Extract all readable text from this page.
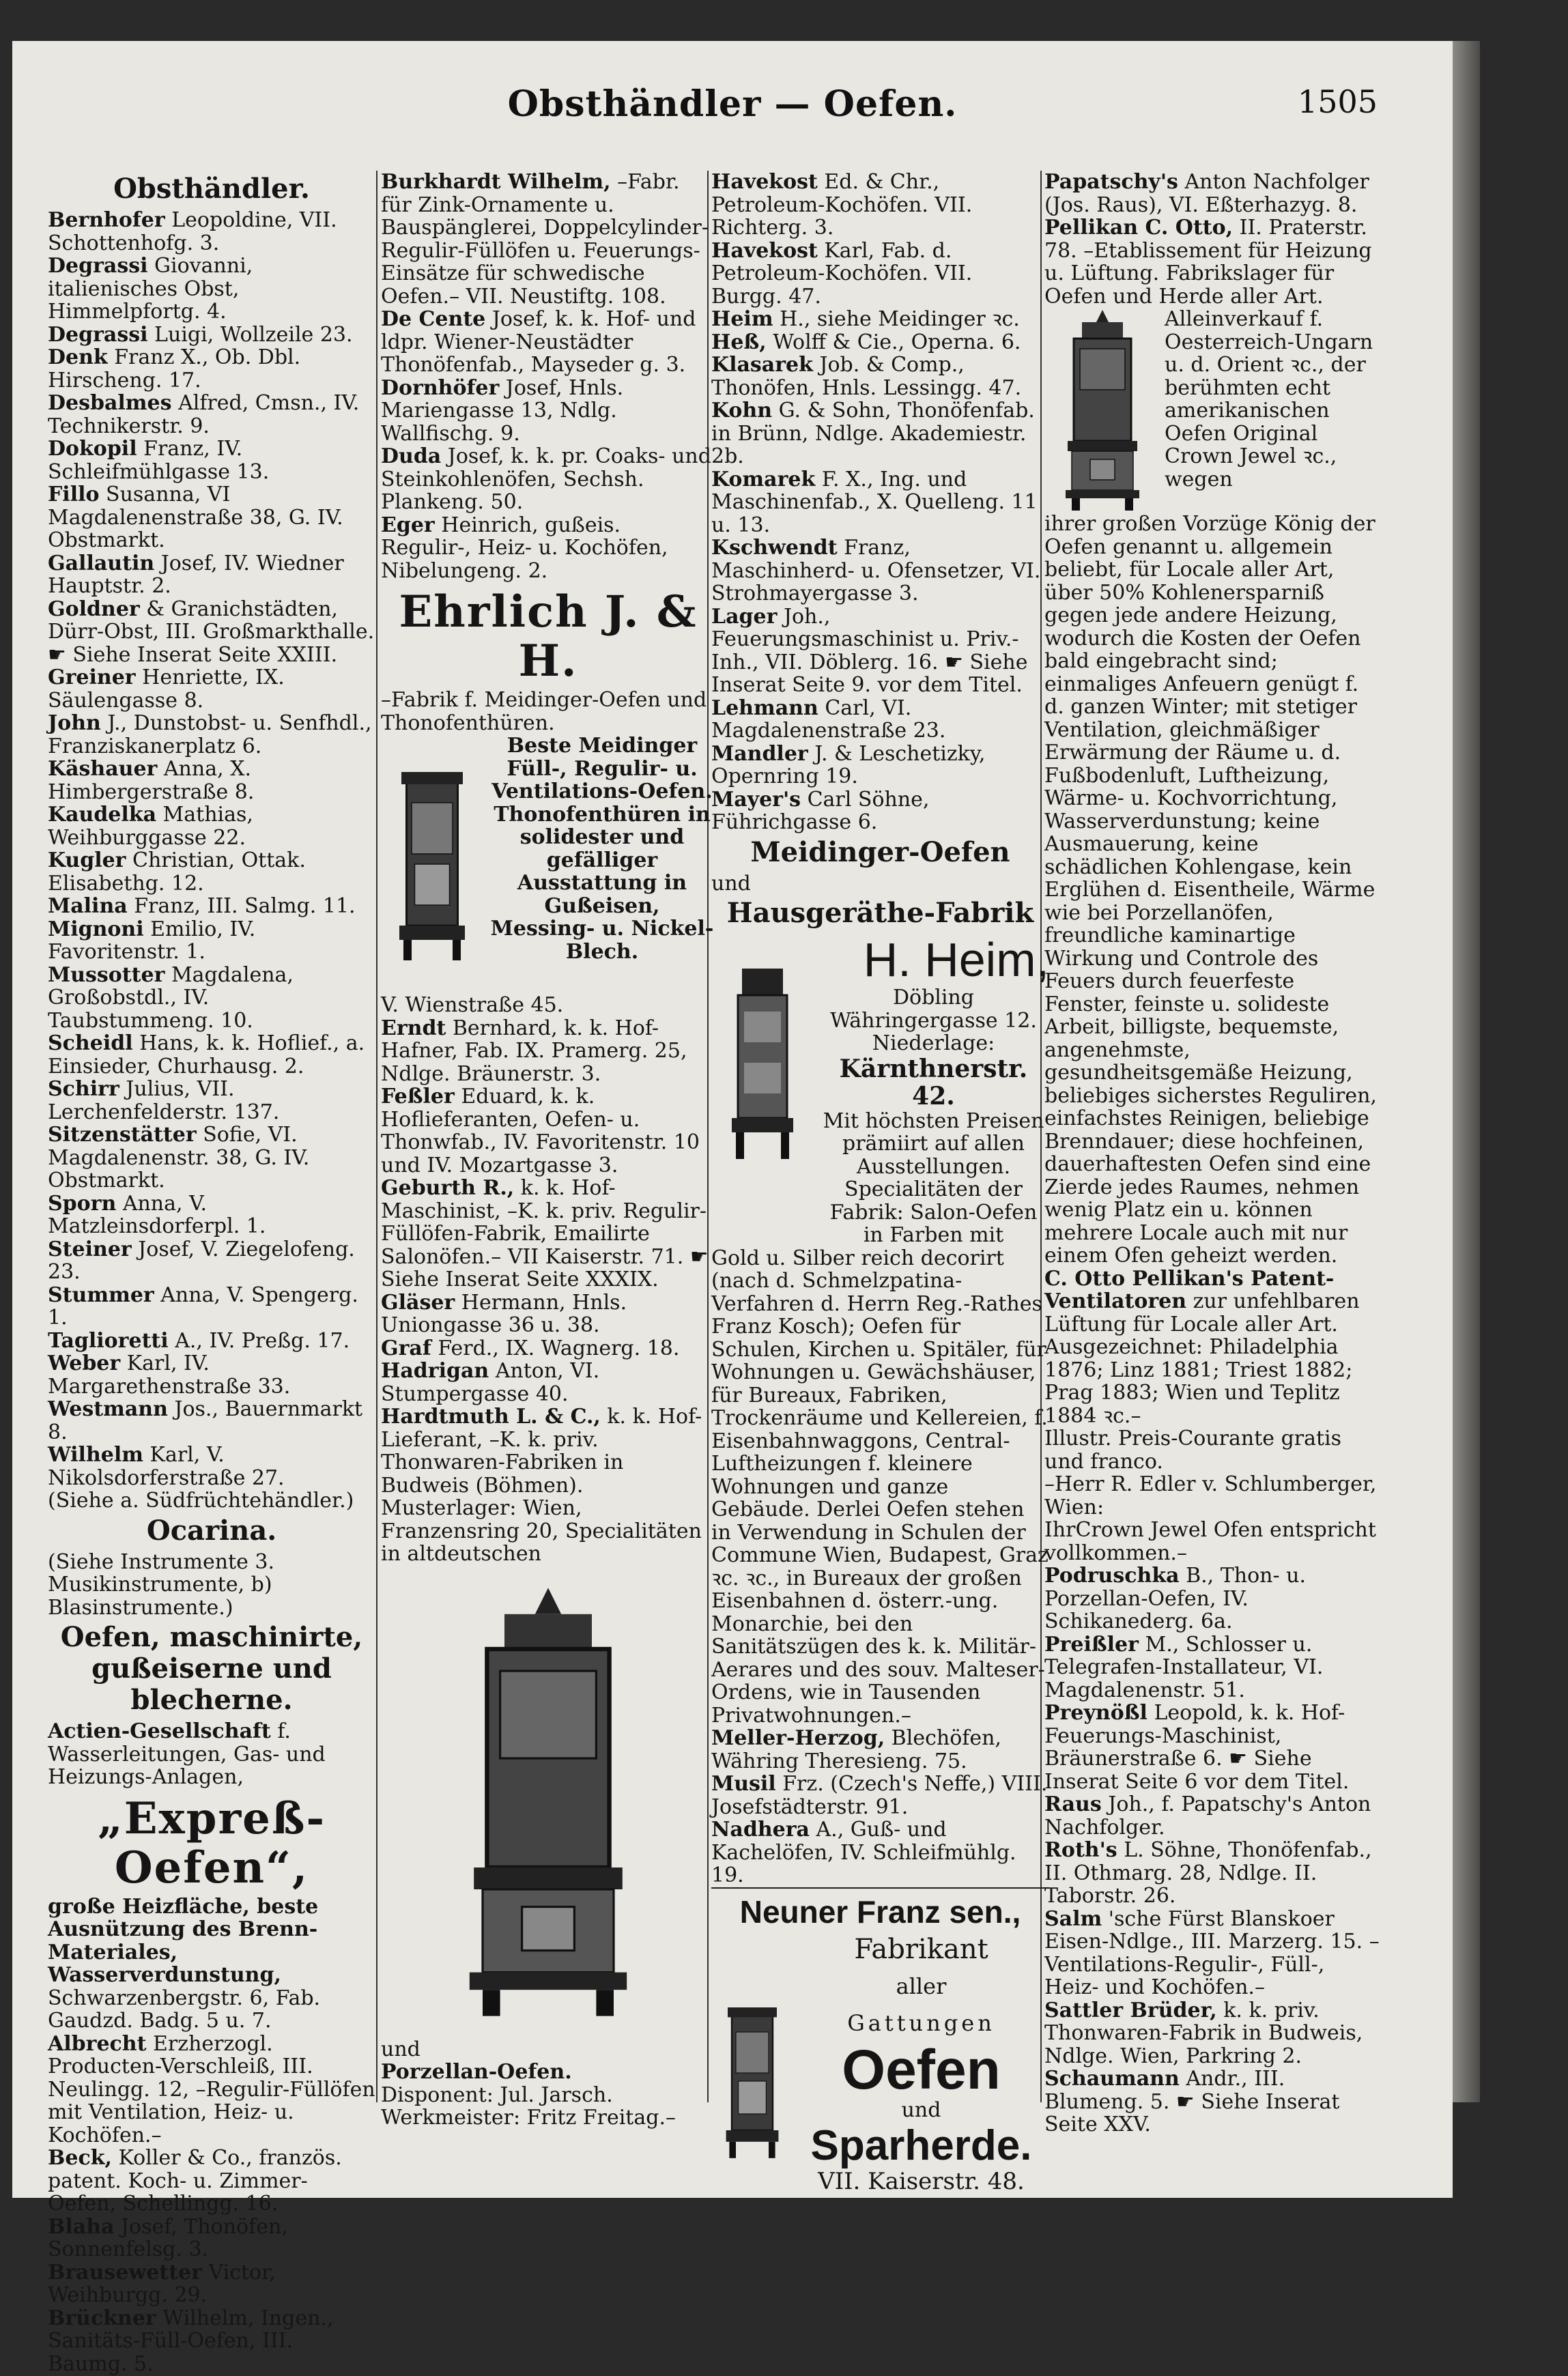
Obsthändler — Oefen.	1505
Obsthändler.
Bernhofer Leopoldine, VII. Schottenhofg. 3.
Degrassi Giovanni, italienisches Obst, Himmelpfortg. 4.
Degrassi Luigi, Wollzeile 23.
Denk Franz X., Ob. Dbl. Hirscheng. 17.
Desbalmes Alfred, Cmsn., IV. Technikerstr. 9.
Dokopil Franz, IV. Schleifmühlgasse 13.
Fillo Susanna, VI Magdalenenstraße 38, G. IV. Obstmarkt.
Gallautin Josef, IV. Wiedner Hauptstr. 2.
Goldner & Granichstädten, Dürr-Obst, III. Großmarkthalle. ☛ Siehe Inserat Seite XXIII.
Greiner Henriette, IX. Säulengasse 8.
John J., Dunstobst- u. Senfhdl., Franziskanerplatz 6.
Käshauer Anna, X. Himbergerstraße 8.
Kaudelka Mathias, Weihburggasse 22.
Kugler Christian, Ottak. Elisabethg. 12.
Malina Franz, III. Salmg. 11.
Mignoni Emilio, IV. Favoritenstr. 1.
Mussotter Magdalena, Großobstdl., IV. Taubstummeng. 10.
Scheidl Hans, k. k. Hoflief., a. Einsieder, Churhausg. 2.
Schirr Julius, VII. Lerchenfelderstr. 137.
Sitzenstätter Sofie, VI. Magdalenenstr. 38, G. IV. Obstmarkt.
Sporn Anna, V. Matzleinsdorferpl. 1.
Steiner Josef, V. Ziegelofeng. 23.
Stummer Anna, V. Spengerg. 1.
Taglioretti A., IV. Preßg. 17.
Weber Karl, IV. Margarethenstraße 33.
Westmann Jos., Bauernmarkt 8.
Wilhelm Karl, V. Nikolsdorferstraße 27.
(Siehe a. Südfrüchtehändler.)
Ocarina.
(Siehe Instrumente 3. Musikinstrumente, b) Blasinstrumente.)
Oefen, maschinirte, gußeiserne und blecherne.
Actien-Gesellschaft f. Wasserleitungen, Gas- und Heizungs-Anlagen,
„Expreß-Oefen“,
große Heizfläche, beste Ausnützung des Brenn-Materiales, Wasserverdunstung,
Schwarzenbergstr. 6, Fab. Gaudzd. Badg. 5 u. 7.
Albrecht Erzherzogl. Producten-Verschleiß, III. Neulingg. 12, –Regulir-Füllöfen mit Ventilation, Heiz- u. Kochöfen.–
Beck, Koller & Co., französ. patent. Koch- u. Zimmer-Oefen, Schellingg. 16.
Blaha Josef, Thonöfen, Sonnenfelsg. 3.
Brausewetter Victor, Weihburgg. 29.
Brückner Wilhelm, Ingen., Sanitäts-Füll-Oefen, III. Baumg. 5.
Burkhardt Wilhelm, –Fabr. für Zink-Ornamente u. Bauspänglerei, Doppelcylinder-Regulir-Füllöfen u. Feuerungs-Einsätze für schwedische Oefen.– VII. Neustiftg. 108.
De Cente Josef, k. k. Hof- und ldpr. Wiener-Neustädter Thonöfenfab., Mayseder g. 3.
Dornhöfer Josef, Hnls. Mariengasse 13, Ndlg. Wallfischg. 9.
Duda Josef, k. k. pr. Coaks- und Steinkohlenöfen, Sechsh. Plankeng. 50.
Eger Heinrich, gußeis. Regulir-, Heiz- u. Kochöfen, Nibelungeng. 2.
Ehrlich J. & H.
–Fabrik f. Meidinger-Oefen und Thonofenthüren.
Beste Meidinger Füll-, Regulir- u. Ventilations-Oefen.
Thonofenthüren in solidester und gefälliger Ausstattung in Gußeisen, Messing- u. Nickel-Blech.
V. Wienstraße 45.
Erndt Bernhard, k. k. Hof-Hafner, Fab. IX. Pramerg. 25, Ndlge. Bräunerstr. 3.
Feßler Eduard, k. k. Hoflieferanten, Oefen- u. Thonwfab., IV. Favoritenstr. 10 und IV. Mozartgasse 3.
Geburth R., k. k. Hof-Maschinist, –K. k. priv. Regulir-Füllöfen-Fabrik, Emailirte Salonöfen.– VII Kaiserstr. 71. ☛ Siehe Inserat Seite XXXIX.
Gläser Hermann, Hnls. Uniongasse 36 u. 38.
Graf Ferd., IX. Wagnerg. 18.
Hadrigan Anton, VI. Stumpergasse 40.
Hardtmuth L. & C., k. k. Hof-Lieferant, –K. k. priv. Thonwaren-Fabriken in Budweis (Böhmen). Musterlager: Wien, Franzensring 20, Specialitäten in altdeutschen
und
Porzellan-Oefen.
Disponent: Jul. Jarsch. Werkmeister: Fritz Freitag.–
Havekost Ed. & Chr., Petroleum-Kochöfen. VII. Richterg. 3.
Havekost Karl, Fab. d. Petroleum-Kochöfen. VII. Burgg. 47.
Heim H., siehe Meidinger ꝛc.
Heß, Wolff & Cie., Operna. 6.
Klasarek Job. & Comp., Thonöfen, Hnls. Lessingg. 47.
Kohn G. & Sohn, Thonöfenfab. in Brünn, Ndlge. Akademiestr. 2b.
Komarek F. X., Ing. und Maschinenfab., X. Quelleng. 11 u. 13.
Kschwendt Franz, Maschinherd- u. Ofensetzer, VI. Strohmayergasse 3.
Lager Joh., Feuerungsmaschinist u. Priv.-Inh., VII. Döblerg. 16. ☛ Siehe Inserat Seite 9. vor dem Titel.
Lehmann Carl, VI. Magdalenenstraße 23.
Mandler J. & Leschetizky, Opernring 19.
Mayer's Carl Söhne, Führichgasse 6.
Meidinger-Oefen
und
Hausgeräthe-Fabrik
H. Heim,
Döbling Währingergasse 12.
Niederlage:
Kärnthnerstr. 42.
Mit höchsten Preisen prämiirt auf allen Ausstellungen.
Specialitäten der Fabrik: Salon-Oefen in Farben mit
Gold u. Silber reich decorirt (nach d. Schmelzpatina-Verfahren d. Herrn Reg.-Rathes Franz Kosch); Oefen für Schulen, Kirchen u. Spitäler, für Wohnungen u. Gewächshäuser, für Bureaux, Fabriken, Trockenräume und Kellereien, f. Eisenbahnwaggons, Central-Luftheizungen f. kleinere Wohnungen und ganze Gebäude. Derlei Oefen stehen in Verwendung in Schulen der Commune Wien, Budapest, Graz ꝛc. ꝛc., in Bureaux der großen Eisenbahnen d. österr.-ung. Monarchie, bei den Sanitätszügen des k. k. Militär-Aerares und des souv. Malteser-Ordens, wie in Tausenden Privatwohnungen.–
Meller-Herzog, Blechöfen, Währing Theresieng. 75.
Musil Frz. (Czech's Neffe,) VIII. Josefstädterstr. 91.
Nadhera A., Guß- und Kachelöfen, IV. Schleifmühlg. 19.
Neuner Franz sen.,
Fabrikant
aller
Gattungen
Oefen
und
Sparherde.
VII. Kaiserstr. 48.
Papatschy's Anton Nachfolger (Jos. Raus), VI. Eßterhazyg. 8.
Pellikan C. Otto, II. Praterstr. 78. –Etablissement für Heizung u. Lüftung. Fabrikslager für Oefen und Herde aller Art.
Alleinverkauf f. Oesterreich-Ungarn u. d. Orient ꝛc., der berühmten echt amerikanischen Oefen Original Crown Jewel ꝛc., wegen
ihrer großen Vorzüge König der Oefen genannt u. allgemein beliebt, für Locale aller Art, über 50% Kohlenersparniß gegen jede andere Heizung, wodurch die Kosten der Oefen bald eingebracht sind; einmaliges Anfeuern genügt f. d. ganzen Winter; mit stetiger Ventilation, gleichmäßiger Erwärmung der Räume u. d. Fußbodenluft, Luftheizung, Wärme- u. Kochvorrichtung, Wasserverdunstung; keine Ausmauerung, keine schädlichen Kohlengase, kein Erglühen d. Eisentheile, Wärme wie bei Porzellanöfen, freundliche kaminartige Wirkung und Controle des Feuers durch feuerfeste Fenster, feinste u. solideste Arbeit, billigste, bequemste, angenehmste, gesundheitsgemäße Heizung, beliebiges sicherstes Reguliren, einfachstes Reinigen, beliebige Brenndauer; diese hochfeinen, dauerhaftesten Oefen sind eine Zierde jedes Raumes, nehmen wenig Platz ein u. können mehrere Locale auch mit nur einem Ofen geheizt werden.
C. Otto Pellikan's Patent-Ventilatoren zur unfehlbaren Lüftung für Locale aller Art. Ausgezeichnet: Philadelphia 1876; Linz 1881; Triest 1882; Prag 1883; Wien und Teplitz 1884 ꝛc.–
Illustr. Preis-Courante gratis und franco.
–Herr R. Edler v. Schlumberger, Wien:
IhrCrown Jewel Ofen entspricht vollkommen.–
Podruschka B., Thon- u. Porzellan-Oefen, IV. Schikanederg. 6a.
Preißler M., Schlosser u. Telegrafen-Installateur, VI. Magdalenenstr. 51.
Preynößl Leopold, k. k. Hof-Feuerungs-Maschinist, Bräunerstraße 6. ☛ Siehe Inserat Seite 6 vor dem Titel.
Raus Joh., f. Papatschy's Anton Nachfolger.
Roth's L. Söhne, Thonöfenfab., II. Othmarg. 28, Ndlge. II. Taborstr. 26.
Salm 'sche Fürst Blanskoer Eisen-Ndlge., III. Marzerg. 15. –Ventilations-Regulir-, Füll-, Heiz- und Kochöfen.–
Sattler Brüder, k. k. priv. Thonwaren-Fabrik in Budweis, Ndlge. Wien, Parkring 2.
Schaumann Andr., III. Blumeng. 5. ☛ Siehe Inserat Seite XXV.
